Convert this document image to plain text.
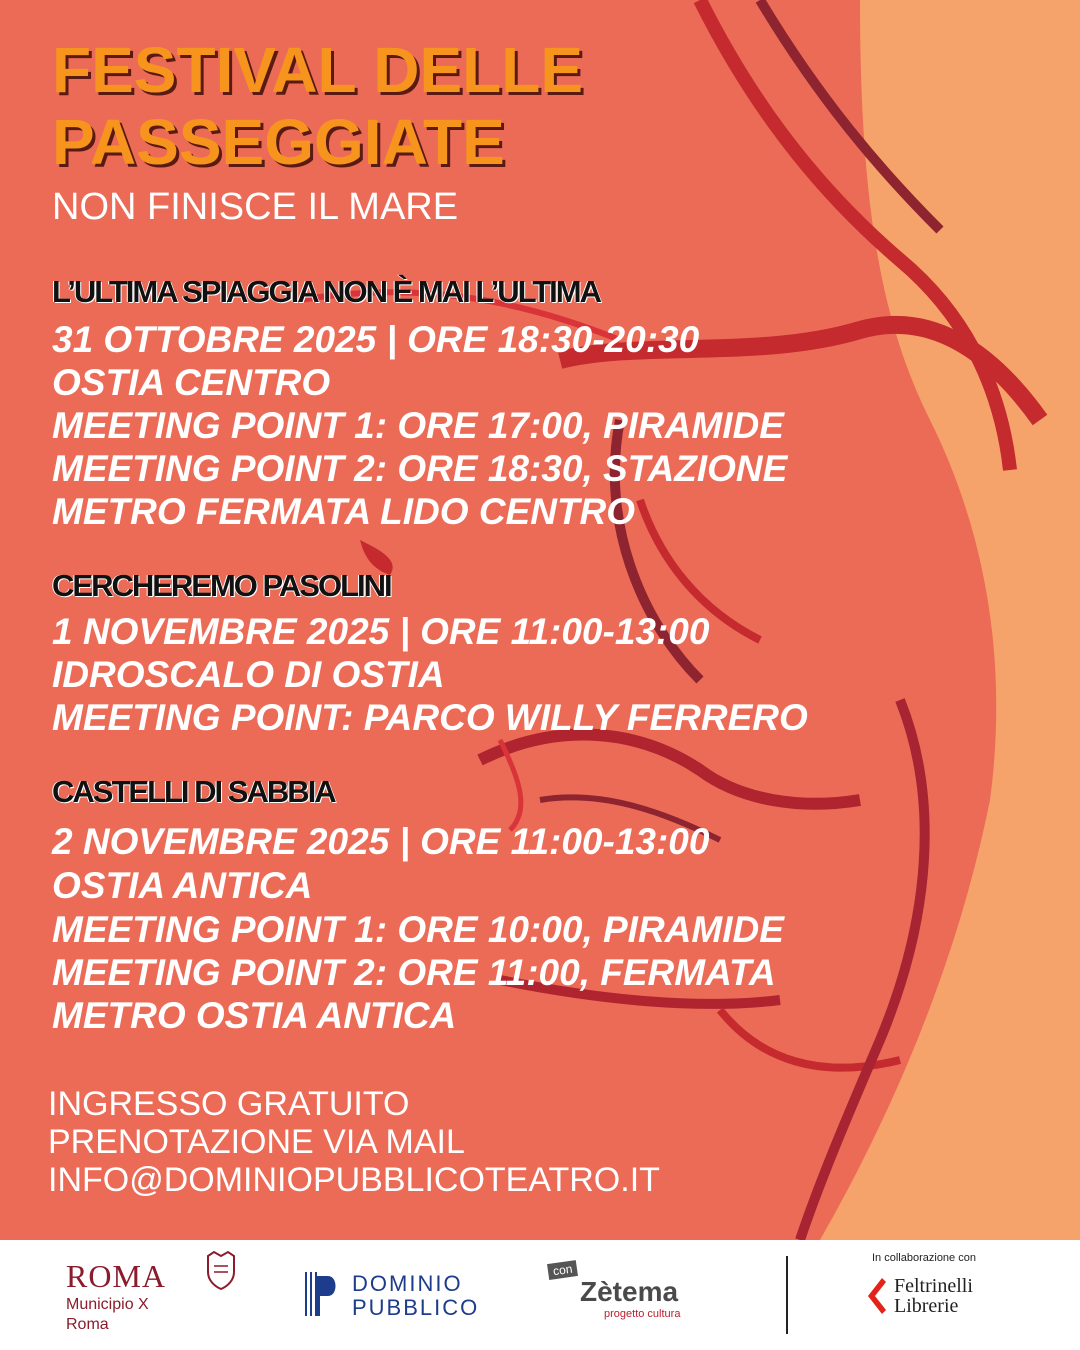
FESTIVAL DELLE
PASSEGGIATE
NON FINISCE IL MARE
L’ULTIMA SPIAGGIA NON È MAI L’ULTIMA
31 OTTOBRE 2025 | ORE 18:30-20:30
OSTIA CENTRO
MEETING POINT 1: ORE 17:00, PIRAMIDE
MEETING POINT 2: ORE 18:30, STAZIONE
METRO FERMATA LIDO CENTRO
CERCHEREMO PASOLINI
1 NOVEMBRE 2025 | ORE 11:00-13:00
IDROSCALO DI OSTIA
MEETING POINT: PARCO WILLY FERRERO
CASTELLI DI SABBIA
2 NOVEMBRE 2025 | ORE 11:00-13:00
OSTIA ANTICA
MEETING POINT 1: ORE 10:00, PIRAMIDE
MEETING POINT 2: ORE 11:00, FERMATA
METRO OSTIA ANTICA
INGRESSO GRATUITO
PRENOTAZIONE VIA MAIL
INFO@DOMINIOPUBBLICOTEATRO.IT
ROMA
Municipio X
Roma
DOMINIO
PUBBLICO
con
Zètema
progetto cultura
In collaborazione con
Feltrinelli
Librerie
